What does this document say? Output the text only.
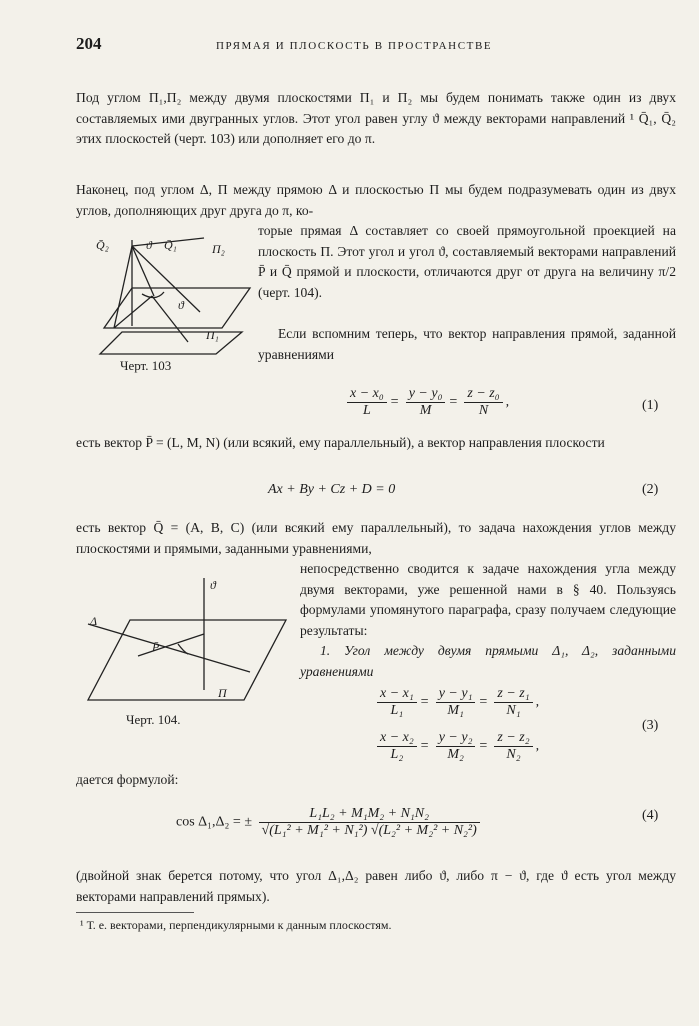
204	ПРЯМАЯ И ПЛОСКОСТЬ В ПРОСТРАНСТВЕ
Под углом Π₁,Π₂ между двумя плоскостями Π₁ и Π₂ мы будем понимать также один из двух составляемых ими двугранных углов. Этот угол равен углу ϑ между векторами направлений ¹ Q̄₁, Q̄₂ этих плоскостей (черт. 103) или дополняет его до π.
Наконец, под углом Δ, Π между прямою Δ и плоскостью Π мы будем подразумевать один из двух углов, дополняющих друг друга до π, ко-
торые прямая Δ составляет со своей прямоугольной проекцией на плоскость Π. Этот угол и угол ϑ, составляемый векторами направлений P̄ и Q̄ прямой и плоскости, отличаются друг от друга на величину π/2 (черт. 104).
Если вспомним теперь, что вектор направления прямой, заданной уравнениями
Q̄₂	ϑ Q̄₁	Π₂
ϑ
Π₁
Черт. 103
$\frac{\text{x − x₀}}{L} = \frac{\text{y − y₀}}{M} = \frac{\text{z − z₀}}{N}$ ,	(1)
есть вектор P̄ = (L, M, N) (или всякий, ему параллельный), а вектор направления плоскости
Ax + By + Cz + D = 0	(2)
есть вектор Q̄ = (A, B, C) (или всякий ему параллельный), то задача нахождения углов между плоскостями и прямыми, заданными уравнениями,
непосредственно сводится к задаче нахождения угла между двумя векторами, уже решенной нами в § 40. Пользуясь формулами упомянутого параграфа, сразу получаем следующие результаты:
1. Угол между двумя прямыми Δ₁, Δ₂, заданными уравнениями
ϑ
Δ
P̄
Π
Черт. 104.
$\frac{\text{x − x₁}}{\text{L₁}} = \frac{\text{y − y₁}}{\text{M₁}} = \frac{\text{z − z₁}}{\text{N₁}}$ ,
$\frac{\text{x − x₂}}{\text{L₂}} = \frac{\text{y − y₂}}{\text{M₂}} = \frac{\text{z − z₂}}{\text{N₂}}$ ,
(3)
дается формулой:
cos Δ₁,Δ₂ = ± $\frac{\text{L₁L₂ + M₁M₂ + N₁N₂}}{\text{√(L₁² + M₁² + N₁²) √(L₂² + M₂² + N₂²)}}$	(4)
(двойной знак берется потому, что угол Δ₁,Δ₂ равен либо ϑ, либо π − ϑ, где ϑ есть угол между векторами направлений прямых).
¹ Т. е. векторами, перпендикулярными к данным плоскостям.
